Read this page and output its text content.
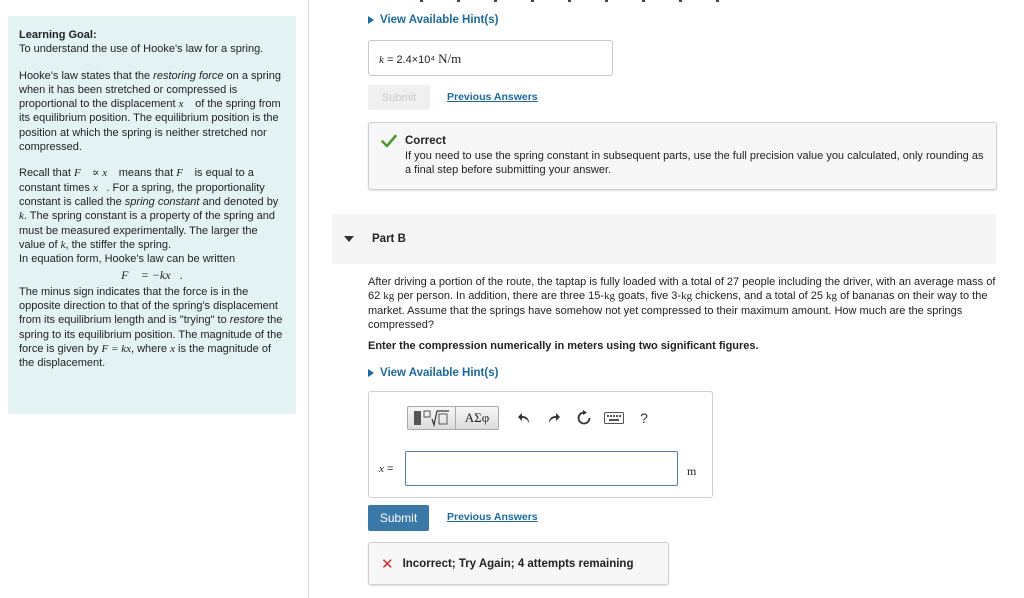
Learning Goal:

To understand the use of Hooke's law for a spring.

Hooke's law states that the restoring force on a spring when it has been stretched or compressed is proportional to the displacement x⃗ of the spring from its equilibrium position. The equilibrium position is the position at which the spring is neither stretched nor compressed.

Recall that F⃗ ∝ x⃗ means that F⃗ is equal to a constant times x⃗. For a spring, the proportionality constant is called the spring constant and denoted by k. The spring constant is a property of the spring and must be measured experimentally. The larger the value of k, the stiffer the spring.
In equation form, Hooke's law can be written

F⃗ = −kx⃗.

The minus sign indicates that the force is in the opposite direction to that of the spring's displacement from its equilibrium length and is "trying" to restore the spring to its equilibrium position. The magnitude of the force is given by F = kx, where x is the magnitude of the displacement.

View Available Hint(s)
k = 2.4×10⁴ N/m
Submit	Previous Answers
Correct
If you need to use the spring constant in subsequent parts, use the full precision value you calculated, only rounding as a final step before submitting your answer.
Part B
After driving a portion of the route, the taptap is fully loaded with a total of 27 people including the driver, with an average mass of 62 kg per person. In addition, there are three 15-kg goats, five 3-kg chickens, and a total of 25 kg of bananas on their way to the market. Assume that the springs have somehow not yet compressed to their maximum amount. How much are the springs compressed?
Enter the compression numerically in meters using two significant figures.
View Available Hint(s)
ΑΣφ	?
x =	m
Submit	Previous Answers
✕ Incorrect; Try Again; 4 attempts remaining
